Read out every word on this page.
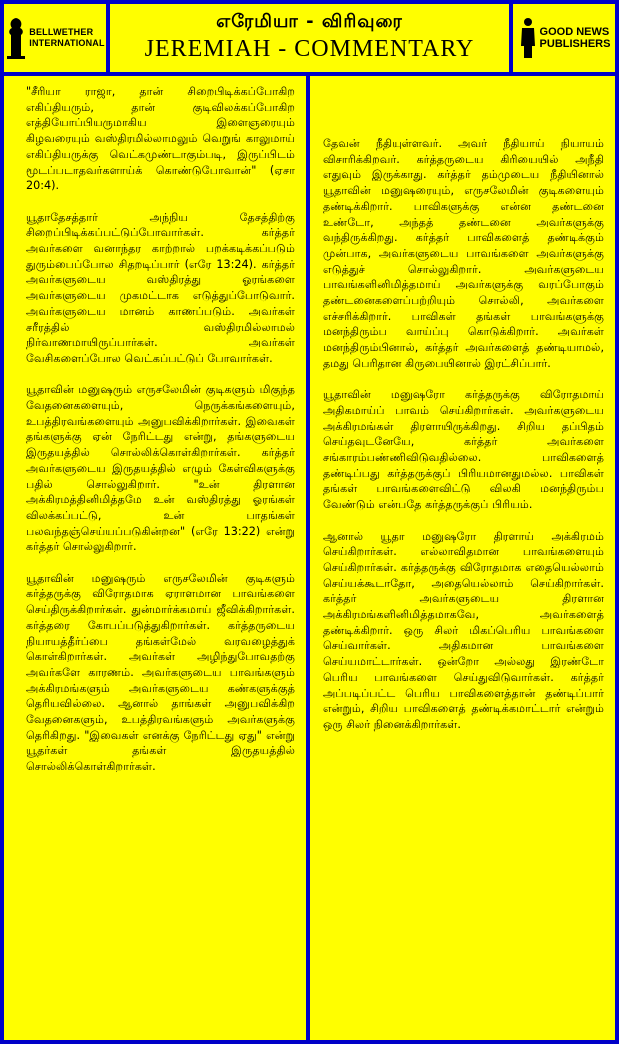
BELLWETHER
INTERNATIONAL
எரேமியா - விரிவுரை
JEREMIAH - COMMENTARY
GOOD NEWS
PUBLISHERS

"சீரியா ராஜா, தான் சிறைபிடிக்கப்போகிற எகிப்தியரும், தான் குடிவிலக்கப்போகிற எத்தியோப்பியருமாகிய இளைஞரையும் கிழவரையும் வஸ்திரமில்லாமலும் வெறுங் காலுமாய் எகிப்தியருக்கு வெட்கமுண்டாகும்படி, இருப்பிடம் மூடப்படாதவர்களாய்க் கொண்டுபோவான்" (ஏசா 20:4).

யூதாதேசத்தார் அந்நிய தேசத்திற்கு சிறைப்பிடிக்கப்பட்டுப்போவார்கள். கர்த்தர் அவர்களை வனாந்தர காற்றால் பறக்கடிக்கப்படும் துரும்பைப்போல சிதறடிப்பார் (எரே 13:24). கர்த்தர் அவர்களுடைய வஸ்திரத்து ஓரங்களை அவர்களுடைய முகமட்டாக எடுத்துப்போடுவார். அவர்களுடைய மானம் காணப்படும். அவர்கள் சரீரத்தில் வஸ்திரமில்லாமல் நிர்வாணமாயிருப்பார்கள். அவர்கள் வேசிகளைப்போல வெட்கப்பட்டுப் போவார்கள்.

யூதாவின் மனுஷரும் எருசலேமின் குடிகளும் மிகுந்த வேதனைகளையும், நெருக்கங்களையும், உபத்திரவங்களையும் அனுபவிக்கிறார்கள். இவைகள் தங்களுக்கு ஏன் நேரிட்டது என்று, தங்களுடைய இருதயத்தில் சொல்லிக்கொள்கிறார்கள். கர்த்தர் அவர்களுடைய இருதயத்தில் எழும் கேள்விகளுக்கு பதில் சொல்லுகிறார். "உன் திரளான அக்கிரமத்தினிமித்தமே உன் வஸ்திரத்து ஓரங்கள் விலக்கப்பட்டு, உன் பாதங்கள் பலவந்தஞ்செய்யப்படுகின்றன" (எரே 13:22) என்று கர்த்தர் சொல்லுகிறார்.

யூதாவின் மனுஷரும் எருசலேமின் குடிகளும் கர்த்தருக்கு விரோதமாக ஏராளமான பாவங்களை செய்திருக்கிறார்கள். துன்மார்க்கமாய் ஜீவிக்கிறார்கள். கர்த்தரை கோபப்படுத்துகிறார்கள். கர்த்தருடைய நியாயத்தீர்ப்பை தங்கள்மேல் வரவழைத்துக் கொள்கிறார்கள். அவர்கள் அழிந்துபோவதற்கு அவர்களே காரணம். அவர்களுடைய பாவங்களும் அக்கிரமங்களும் அவர்களுடைய கண்களுக்குத் தெரியவில்லை. ஆனால் தாங்கள் அனுபவிக்கிற வேதனைகளும், உபத்திரவங்களும் அவர்களுக்கு தெரிகிறது. "இவைகள் எனக்கு நேரிட்டது ஏது" என்று யூதர்கள் தங்கள் இருதயத்தில் சொல்லிக்கொள்கிறார்கள்.

தேவன் நீதியுள்ளவர். அவர் நீதியாய் நியாயம் விசாரிக்கிறவர். கர்த்தருடைய கிரியையில் அநீதி எதுவும் இருக்காது. கர்த்தர் தம்முடைய நீதியினால் யூதாவின் மனுஷரையும், எருசலேமின் குடிகளையும் தண்டிக்கிறார். பாவிகளுக்கு என்ன தண்டனை உண்டோ, அந்தத் தண்டனை அவர்களுக்கு வந்திருக்கிறது. கர்த்தர் பாவிகளைத் தண்டிக்கும் முன்பாக, அவர்களுடைய பாவங்களை அவர்களுக்கு எடுத்துச் சொல்லுகிறார். அவர்களுடைய பாவங்களினிமித்தமாய் அவர்களுக்கு வரப்போகும் தண்டனைகளைப்பற்றியும் சொல்லி, அவர்களை எச்சரிக்கிறார். பாவிகள் தங்கள் பாவங்களுக்கு மனந்திரும்ப வாய்ப்பு கொடுக்கிறார். அவர்கள் மனந்திரும்பினால், கர்த்தர் அவர்களைத் தண்டியாமல், தமது பெரிதான கிருபையினால் இரட்சிப்பார்.

யூதாவின் மனுஷரோ கர்த்தருக்கு விரோதமாய் அதிகமாய்ப் பாவம் செய்கிறார்கள். அவர்களுடைய அக்கிரமங்கள் திரளாயிருக்கிறது. சிறிய தப்பிதம் செய்தவுடனேயே, கர்த்தர் அவர்களை சங்காரம்பண்ணிவிடுவதில்லை. பாவிகளைத் தண்டிப்பது கர்த்தருக்குப் பிரியமானதுமல்ல. பாவிகள் தங்கள் பாவங்களைவிட்டு விலகி மனந்திரும்ப வேண்டும் என்பதே கர்த்தருக்குப் பிரியம்.

ஆனால் யூதா மனுஷரோ திரளாய் அக்கிரமம் செய்கிறார்கள். எல்லாவிதமான பாவங்களையும் செய்கிறார்கள். கர்த்தருக்கு விரோதமாக எதையெல்லாம் செய்யக்கூடாதோ, அதையெல்லாம் செய்கிறார்கள். கர்த்தர் அவர்களுடைய திரளான அக்கிரமங்களினிமித்தமாகவே, அவர்களைத் தண்டிக்கிறார். ஒரு சிலர் மிகப்பெரிய பாவங்களை செய்வார்கள். அதிகமான பாவங்களை செய்யமாட்டார்கள். ஒன்றோ அல்லது இரண்டோ பெரிய பாவங்களை செய்துவிடுவார்கள். கர்த்தர் அப்படிப்பட்ட பெரிய பாவிகளைத்தான் தண்டிப்பார் என்றும், சிறிய பாவிகளைத் தண்டிக்கமாட்டார் என்றும் ஒரு சிலர் நினைக்கிறார்கள்.
